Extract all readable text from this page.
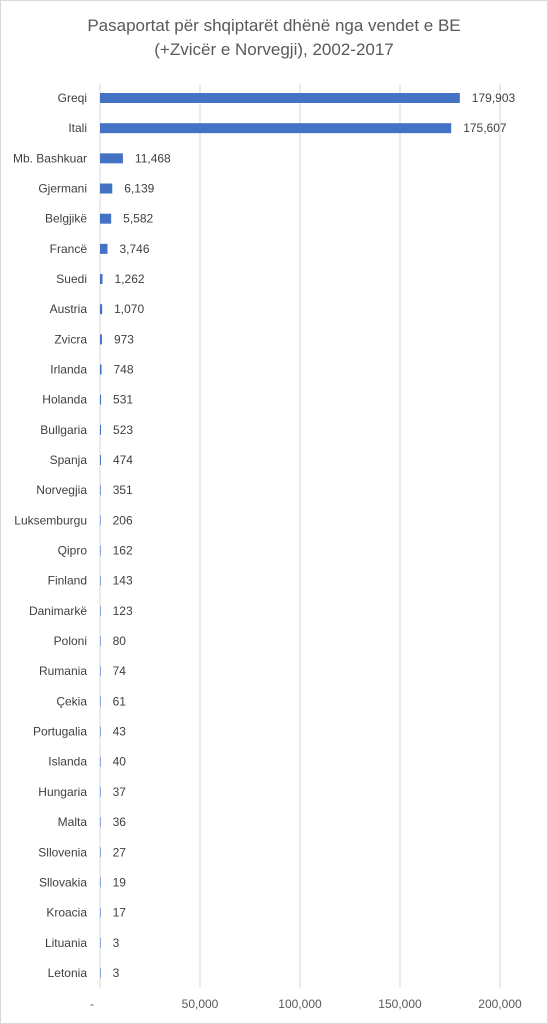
Pasaportat për shqiptarët dhënë nga vendet e BE
(+Zvicër e Norvegji), 2002-2017
-	50,000	100,000	150,000	200,000
Greqi	179,903
Itali	175,607
Mb. Bashkuar	11,468
Gjermani	6,139
Belgjikë	5,582
Francë	3,746
Suedi 1,262
Austria 1,070
Zvicra 973
Irlanda 748
Holanda 531
Bullgaria 523
Spanja 474
Norvegjia 351
Luksemburgu 206
Qipro 162
Finland 143
Danimarkë 123
Poloni 80
Rumania 74
Çekia 61
Portugalia 43
Islanda 40
Hungaria 37
Malta 36
Sllovenia 27
Sllovakia 19
Kroacia 17
Lituania 3
Letonia 3
